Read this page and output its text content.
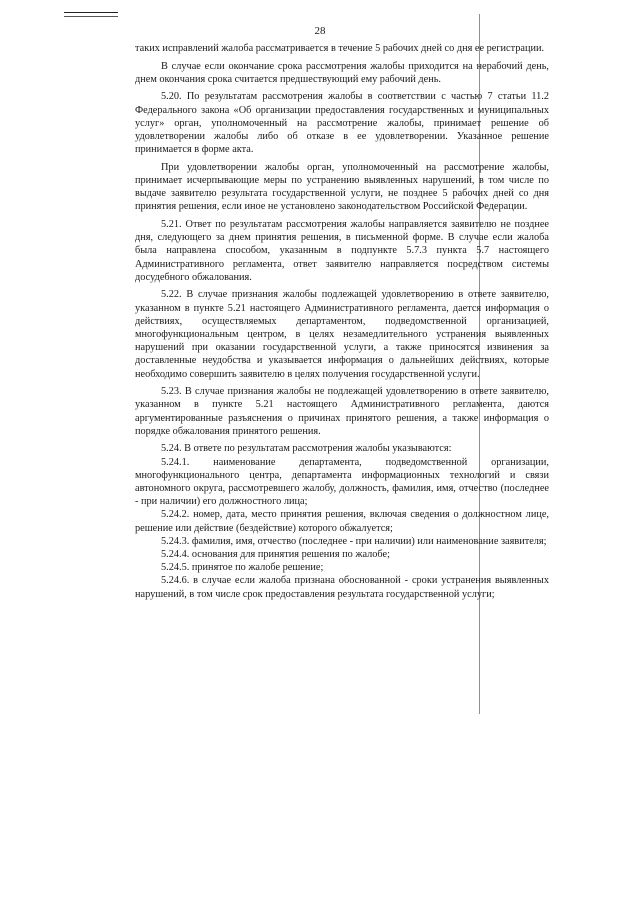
28

таких исправлений жалоба рассматривается в течение 5 рабочих дней со дня ее регистрации.

В случае если окончание срока рассмотрения жалобы приходится на нерабочий день, днем окончания срока считается предшествующий ему рабочий день.

5.20. По результатам рассмотрения жалобы в соответствии с частью 7 статьи 11.2 Федерального закона «Об организации предоставления государственных и муниципальных услуг» орган, уполномоченный на рассмотрение жалобы, принимает решение об удовлетворении жалобы либо об отказе в ее удовлетворении. Указанное решение принимается в форме акта.

При удовлетворении жалобы орган, уполномоченный на рассмотрение жалобы, принимает исчерпывающие меры по устранению выявленных нарушений, в том числе по выдаче заявителю результата государственной услуги, не позднее 5 рабочих дней со дня принятия решения, если иное не установлено законодательством Российской Федерации.

5.21. Ответ по результатам рассмотрения жалобы направляется заявителю не позднее дня, следующего за днем принятия решения, в письменной форме. В случае если жалоба была направлена способом, указанным в подпункте 5.7.3 пункта 5.7 настоящего Административного регламента, ответ заявителю направляется посредством системы досудебного обжалования.

5.22. В случае признания жалобы подлежащей удовлетворению в ответе заявителю, указанном в пункте 5.21 настоящего Административного регламента, дается информация о действиях, осуществляемых департаментом, подведомственной организацией, многофункциональным центром, в целях незамедлительного устранения выявленных нарушений при оказании государственной услуги, а также приносятся извинения за доставленные неудобства и указывается информация о дальнейших действиях, которые необходимо совершить заявителю в целях получения государственной услуги.

5.23. В случае признания жалобы не подлежащей удовлетворению в ответе заявителю, указанном в пункте 5.21 настоящего Административного регламента, даются аргументированные разъяснения о причинах принятого решения, а также информация о порядке обжалования принятого решения.

5.24. В ответе по результатам рассмотрения жалобы указываются:

5.24.1. наименование департамента, подведомственной организации, многофункционального центра, департамента информационных технологий и связи автономного округа, рассмотревшего жалобу, должность, фамилия, имя, отчество (последнее - при наличии) его должностного лица;

5.24.2. номер, дата, место принятия решения, включая сведения о должностном лице, решение или действие (бездействие) которого обжалуется;

5.24.3. фамилия, имя, отчество (последнее - при наличии) или наименование заявителя;

5.24.4. основания для принятия решения по жалобе;

5.24.5. принятое по жалобе решение;

5.24.6. в случае если жалоба признана обоснованной - сроки устранения выявленных нарушений, в том числе срок предоставления результата государственной услуги;
